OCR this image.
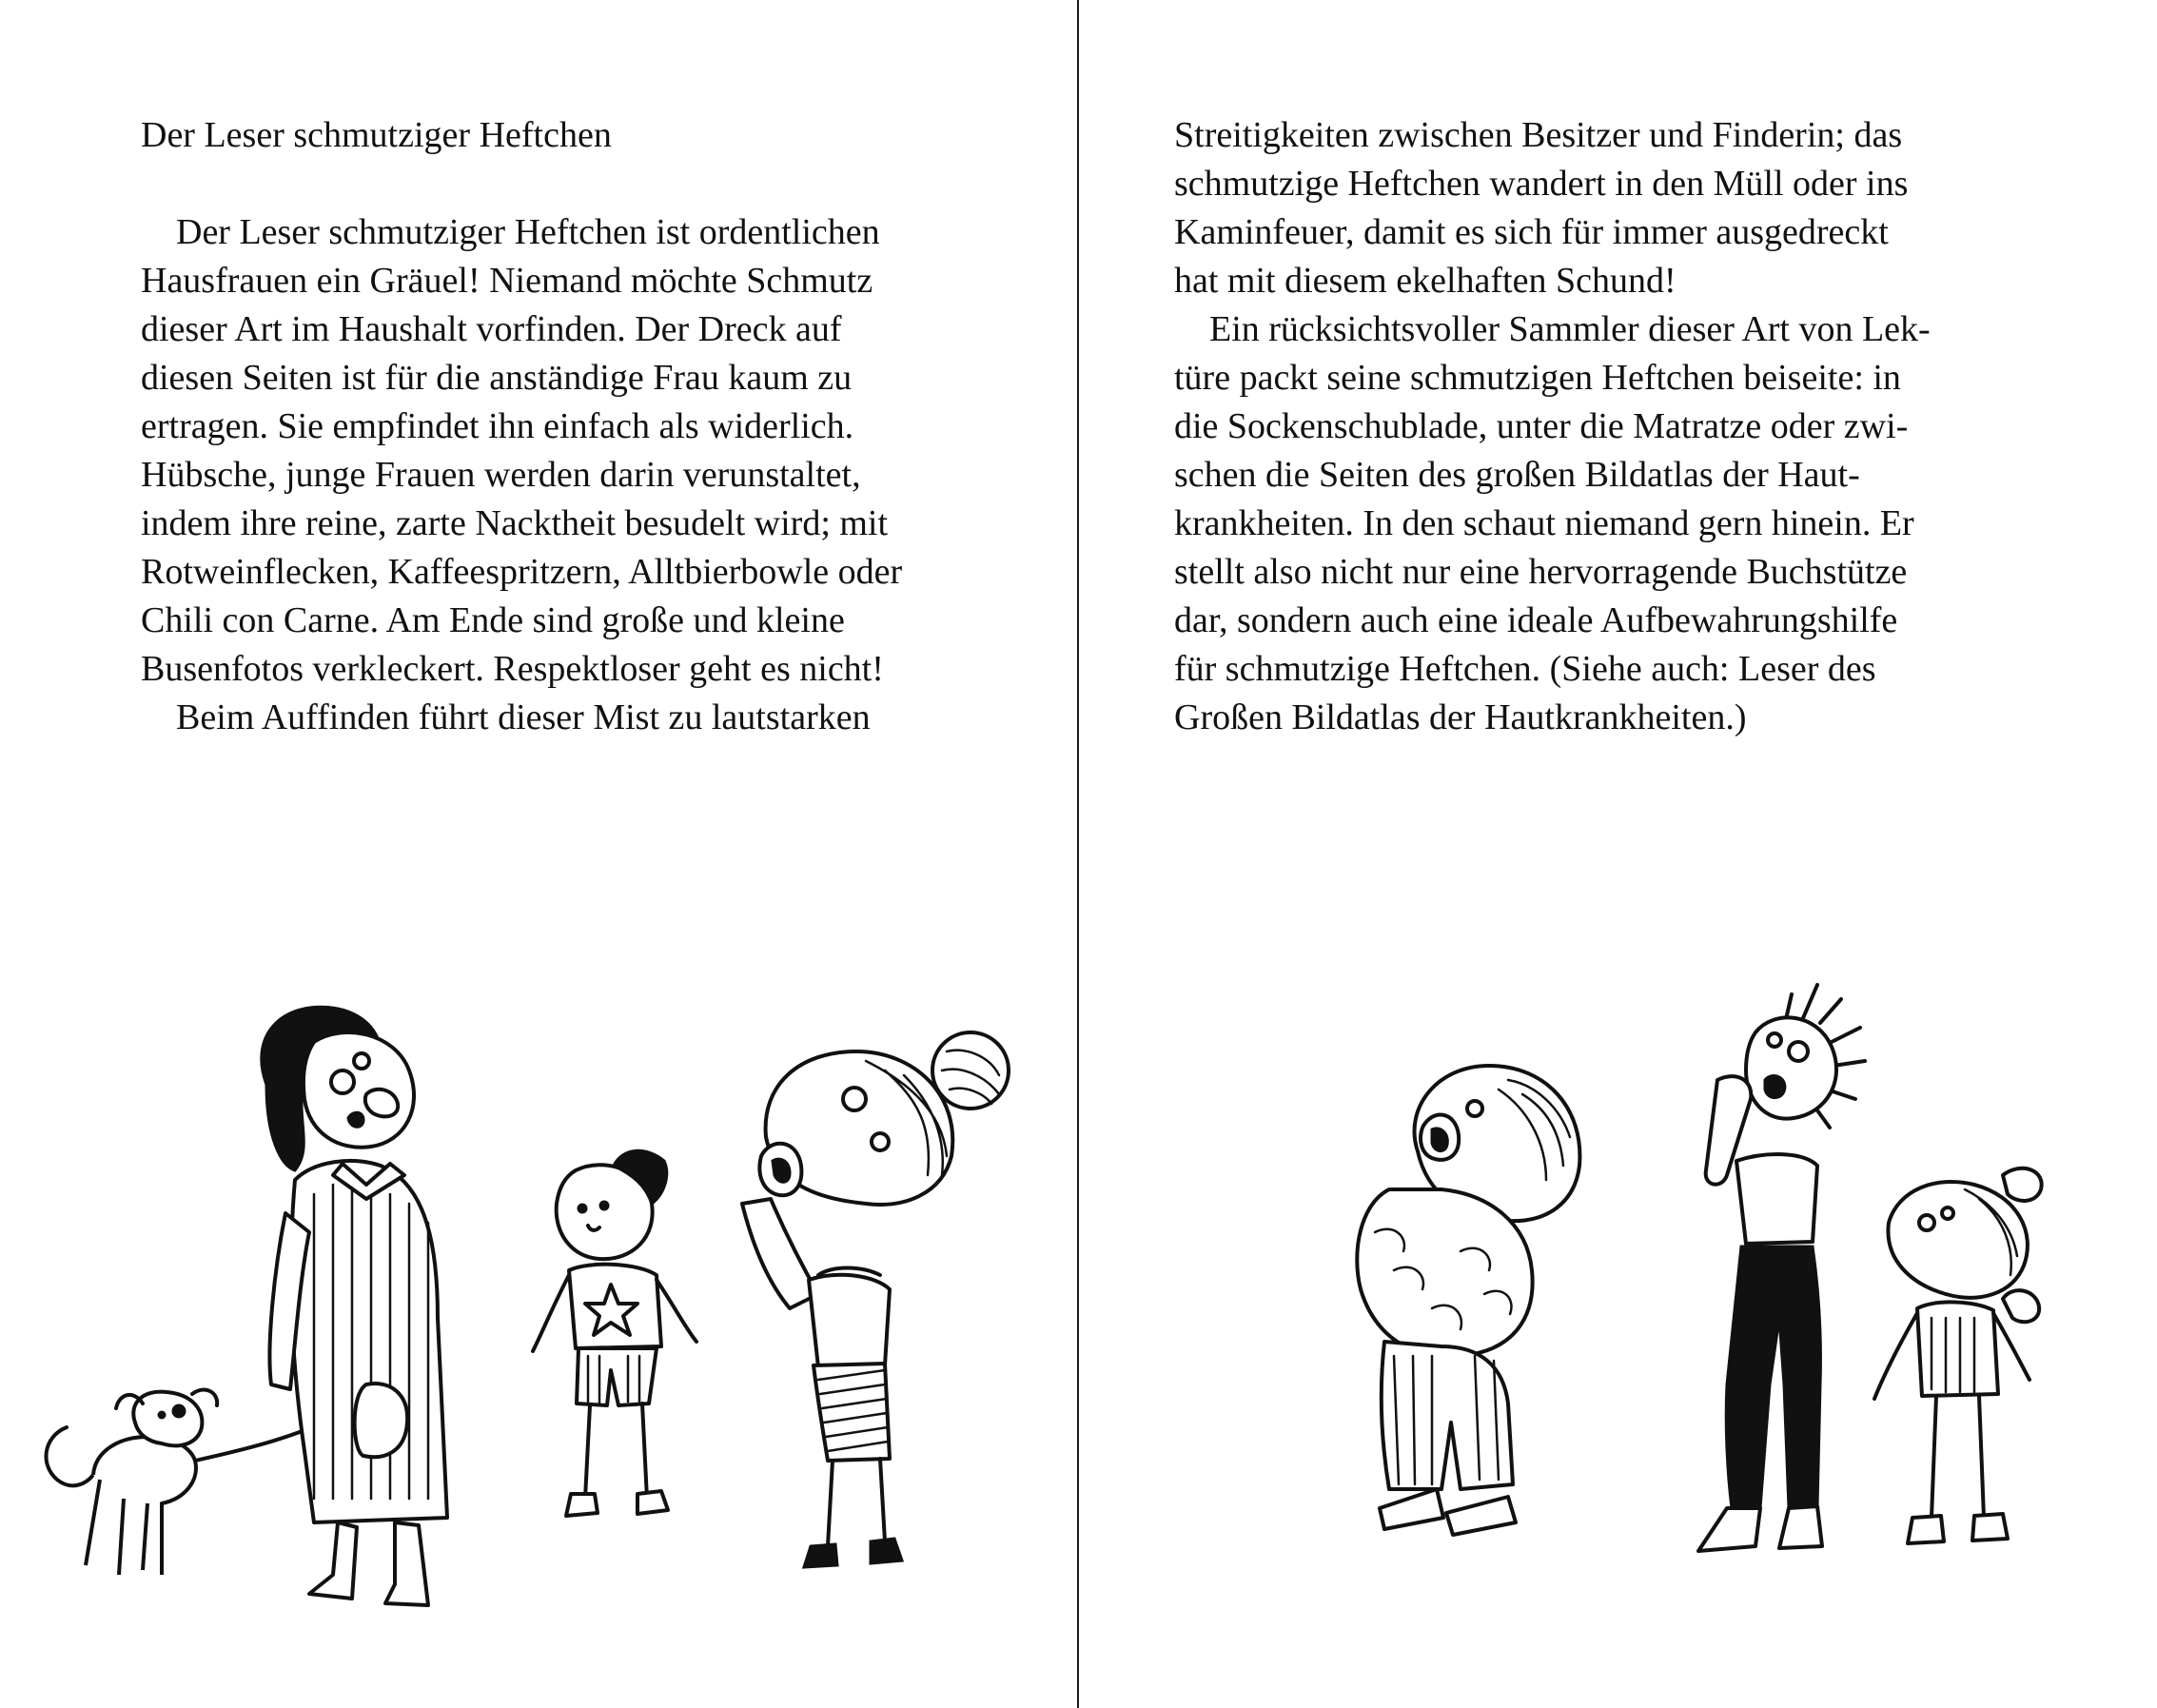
Der Leser schmutziger Heftchen
Der Leser schmutziger Heftchen ist ordentlichen
Hausfrauen ein Gräuel! Niemand möchte Schmutz
dieser Art im Haushalt vorfinden. Der Dreck auf
diesen Seiten ist für die anständige Frau kaum zu
ertragen. Sie empfindet ihn einfach als widerlich.
Hübsche, junge Frauen werden darin verunstaltet,
indem ihre reine, zarte Nacktheit besudelt wird; mit
Rotweinflecken, Kaffeespritzern, Alltbierbowle oder
Chili con Carne. Am Ende sind große und kleine
Busenfotos verkleckert. Respektloser geht es nicht!
Beim Auffinden führt dieser Mist zu lautstarken
Streitigkeiten zwischen Besitzer und Finderin; das
schmutzige Heftchen wandert in den Müll oder ins
Kaminfeuer, damit es sich für immer ausgedreckt
hat mit diesem ekelhaften Schund!
Ein rücksichtsvoller Sammler dieser Art von Lek-
türe packt seine schmutzigen Heftchen beiseite: in
die Sockenschublade, unter die Matratze oder zwi-
schen die Seiten des großen Bildatlas der Haut-
krankheiten. In den schaut niemand gern hinein. Er
stellt also nicht nur eine hervorragende Buchstütze
dar, sondern auch eine ideale Aufbewahrungshilfe
für schmutzige Heftchen. (Siehe auch: Leser des
Großen Bildatlas der Hautkrankheiten.)
